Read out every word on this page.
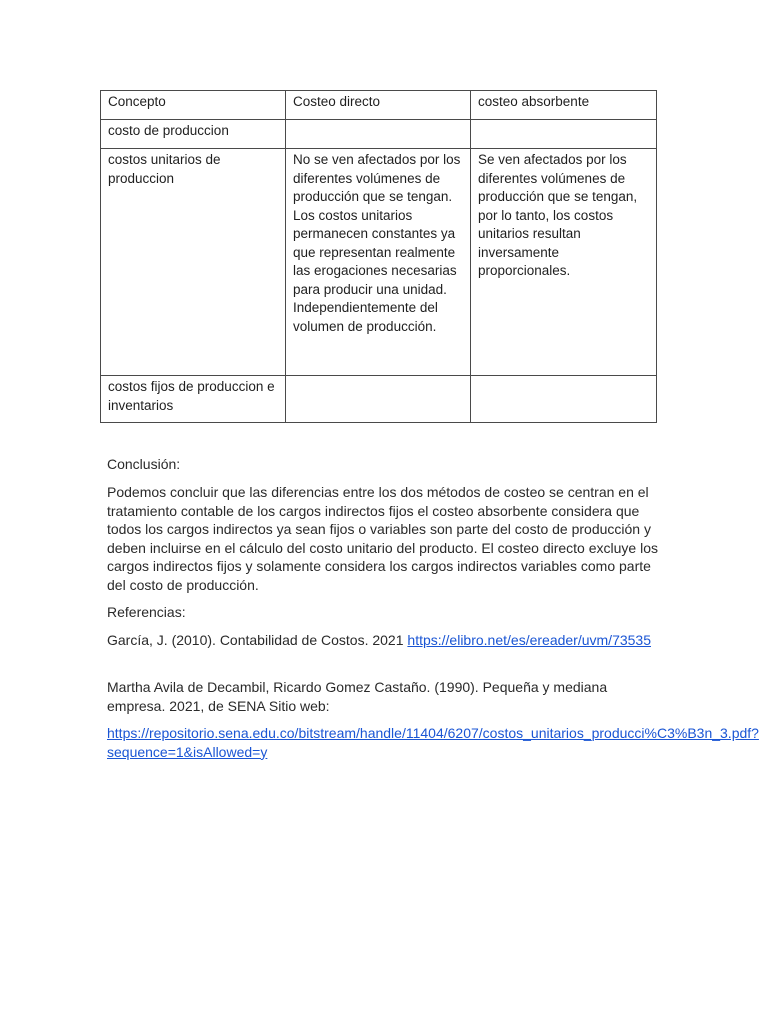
Concepto	Costeo directo	costeo absorbente
costo de produccion		
costos unitarios de produccion	No se ven afectados por los diferentes volúmenes de producción que se tengan. Los costos unitarios permanecen constantes ya que representan realmente las erogaciones necesarias para producir una unidad. Independientemente del volumen de producción.	Se ven afectados por los diferentes volúmenes de producción que se tengan, por lo tanto, los costos unitarios resultan inversamente proporcionales.
costos fijos de produccion e inventarios		

Conclusión:

Podemos concluir que las diferencias entre los dos métodos de costeo se centran en el tratamiento contable de los cargos indirectos fijos el costeo absorbente considera que todos los cargos indirectos ya sean fijos o variables son parte del costo de producción y deben incluirse en el cálculo del costo unitario del producto. El costeo directo excluye los cargos indirectos fijos y solamente considera los cargos indirectos variables como parte del costo de producción.

Referencias:

García, J. (2010). Contabilidad de Costos. 2021 https://elibro.net/es/ereader/uvm/73535

Martha Avila de Decambil, Ricardo Gomez Castaño. (1990). Pequeña y mediana empresa. 2021, de SENA Sitio web:

https://repositorio.sena.edu.co/bitstream/handle/11404/6207/costos_unitarios_producci%C3%B3n_3.pdf?sequence=1&isAllowed=y
